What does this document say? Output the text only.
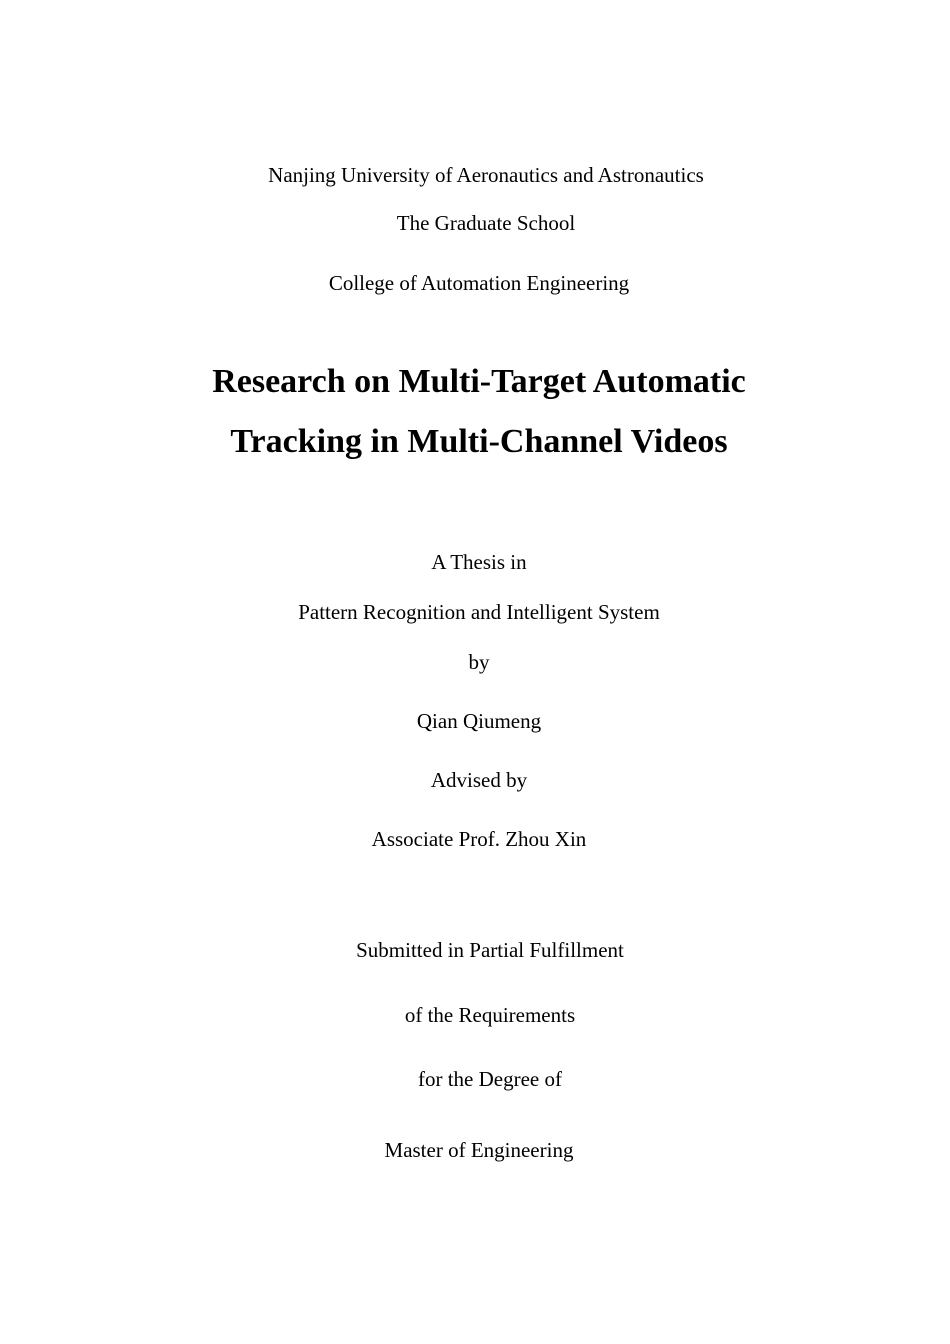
Nanjing University of Aeronautics and Astronautics
The Graduate School
College of Automation Engineering
Research on Multi-Target Automatic
Tracking in Multi-Channel Videos
A Thesis in
Pattern Recognition and Intelligent System
by
Qian Qiumeng
Advised by
Associate Prof. Zhou Xin
Submitted in Partial Fulfillment
of the Requirements
for the Degree of
Master of Engineering
